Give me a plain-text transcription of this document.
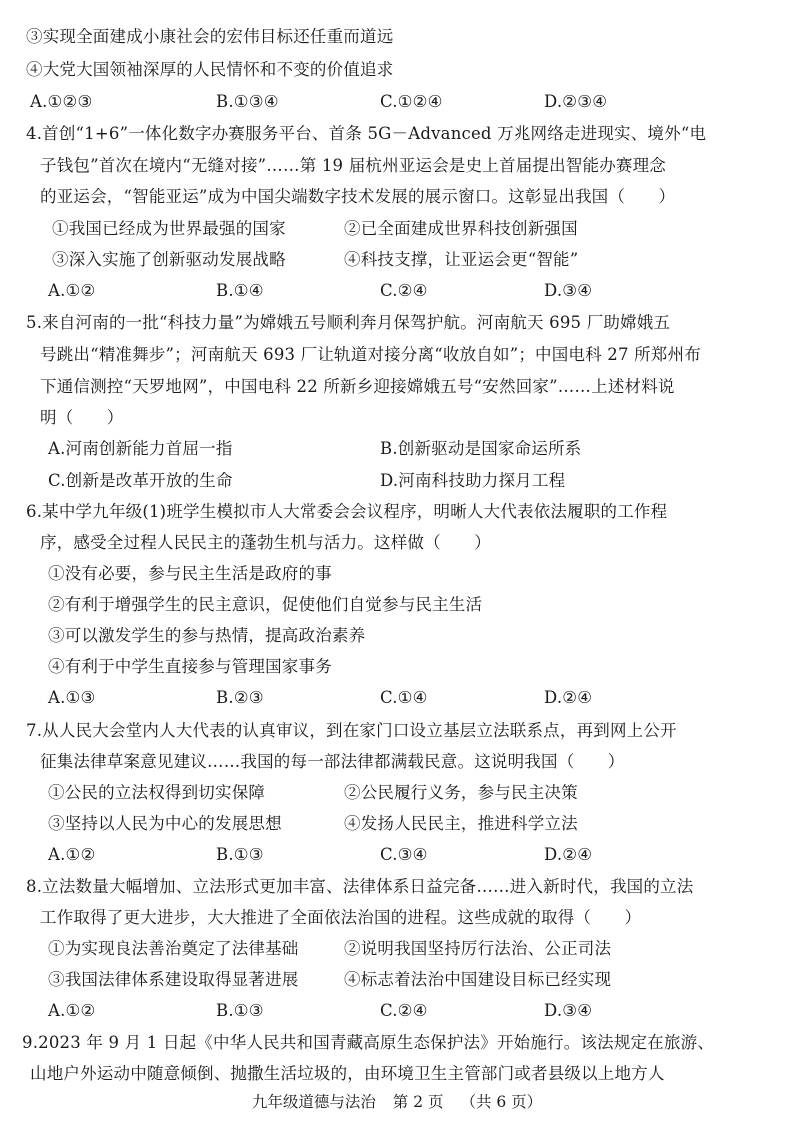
③实现全面建成小康社会的宏伟目标还任重而道远
④大党大国领袖深厚的人民情怀和不变的价值追求
A.①②③	B.①③④	C.①②④	D.②③④
4.首创“1+6”一体化数字办赛服务平台、首条 5G－Advanced 万兆网络走进现实、境外“电
子钱包”首次在境内“无缝对接”……第 19 届杭州亚运会是史上首届提出智能办赛理念
的亚运会，“智能亚运”成为中国尖端数字技术发展的展示窗口。这彰显出我国（　　）
①我国已经成为世界最强的国家	②已全面建成世界科技创新强国
③深入实施了创新驱动发展战略	④科技支撑，让亚运会更“智能”
A.①②	B.①④	C.②④	D.③④
5.来自河南的一批“科技力量”为嫦娥五号顺利奔月保驾护航。河南航天 695 厂助嫦娥五
号跳出“精准舞步”；河南航天 693 厂让轨道对接分离“收放自如”；中国电科 27 所郑州布
下通信测控“天罗地网”，中国电科 22 所新乡迎接嫦娥五号“安然回家”……上述材料说
明（　　）
A.河南创新能力首屈一指	B.创新驱动是国家命运所系
C.创新是改革开放的生命	D.河南科技助力探月工程
6.某中学九年级(1)班学生模拟市人大常委会会议程序，明晰人大代表依法履职的工作程
序，感受全过程人民民主的蓬勃生机与活力。这样做（　　）
①没有必要，参与民主生活是政府的事
②有利于增强学生的民主意识，促使他们自觉参与民主生活
③可以激发学生的参与热情，提高政治素养
④有利于中学生直接参与管理国家事务
A.①③	B.②③	C.①④	D.②④
7.从人民大会堂内人大代表的认真审议，到在家门口设立基层立法联系点，再到网上公开
征集法律草案意见建议……我国的每一部法律都满载民意。这说明我国（　　）
①公民的立法权得到切实保障	②公民履行义务，参与民主决策
③坚持以人民为中心的发展思想	④发扬人民民主，推进科学立法
A.①②	B.①③	C.③④	D.②④
8.立法数量大幅增加、立法形式更加丰富、法律体系日益完备……进入新时代，我国的立法
工作取得了更大进步，大大推进了全面依法治国的进程。这些成就的取得（　　）
①为实现良法善治奠定了法律基础	②说明我国坚持厉行法治、公正司法
③我国法律体系建设取得显著进展	④标志着法治中国建设目标已经实现
A.①②	B.①③	C.②④	D.③④
9.2023 年 9 月 1 日起《中华人民共和国青藏高原生态保护法》开始施行。该法规定在旅游、
山地户外运动中随意倾倒、抛撒生活垃圾的，由环境卫生主管部门或者县级以上地方人
九年级道德与法治 第 2 页 （共 6 页）
